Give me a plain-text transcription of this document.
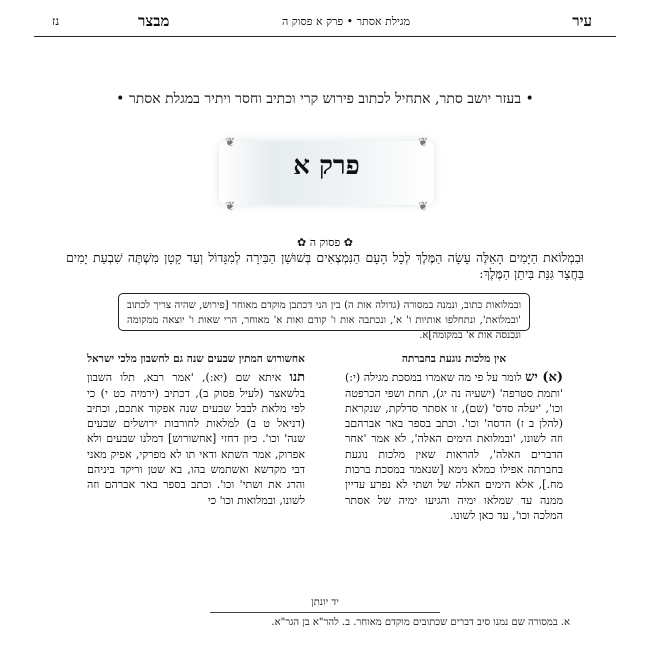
עיר
מגילת אסתר • פרק א פסוק ה
מבצר
נז
• בעזר יושב סתר, אתחיל לכתוב פירוש קרי וכתיב וחסר ויתיר במגלת אסתר •
❦	❦
❦	❦
פרק א
✿ פסוק ה ✿
וּבִמְלוֹאת הַיָּמִים הָאֵלֶּה עָשָׂה הַמֶּלֶךְ לְכָל הָעָם הַנִּמְצְאִים בְּשׁוּשַׁן הַבִּירָה לְמִגָּדוֹל וְעַד קָטָן מִשְׁתֶּה שִׁבְעַת יָמִים בַּחֲצַר גִּנַּת בִּיתַן הַמֶּלֶךְ:
ובמלואות כתוב, ונמנה במסורה (גדולה אות ה) בין הני דכתבן מוקדם מאוחר [פירוש, שהיה צריך לכתוב 'ובמלואת', ונתחלפו אותיות ו' א', ונכתבה אות ו' קודם ואות א' מאוחר, הרי שאות ו' יוצאה ממקומה ונכנסה אות א' במקומה]א.
אין מלכות נוגעת בחברתה
(א) יש לומר על פי מה שאמרו במסכת מגילה (י:) 'ותמת סטרפה' (ישעיה נה יג), תחת ושפי הכרפטה וכו', 'יעלה סדס' (שם), זו אסתר סדלקת, שנקראת (להלן ב ז) הדסה' וכו'. וכתב בספר באר אברהםב וזה לשונו, 'ובמלואת הימים האלה', לא אמר 'אחר הדברים האלה', להראות שאין מלכות נוגעת בחברתה אפילו כמלא נימא [שנאמר במסכת ברכות מח.], אלא הימים האלה של ושתי לא נפרע עדיין ממנה עד שמלאו ימיה והגיעו ימיה של אסתר המלכה וכו', עד כאן לשונו.
אחשורוש המתין שבעים שנה גם לחשבון מלכי ישראל
תנו איתא שם (יא:), 'אמר רבא, תלו השבון בלשאצר (לעיל פסוק ב), דכתיב (ירמיה כט י) כי לפי מלאת לבבל שבעים שנה אפקוד אתכם, וכתיב (דניאל ט ב) למלאות לחורבות ירושלים שבעים שנה' וכו'. כיון דחזי [אחשורוש] דמלנו שבעים ולא אפרוק, אמר השתא ודאי תו לא מפרקי, אפיק מאני דבי מקדשא ואשתמש בהו, בא שטן וריקד ביניהם והרג את ושתי' וכו'. וכתב בספר באר אברהם וזה לשונו, ובמלואות וכו' כי
יד יונתן
א. במסורה שם נמנו סיב דברים שכתובים מוקדם מאוחר. ב. להר"א בן הגר"א.
